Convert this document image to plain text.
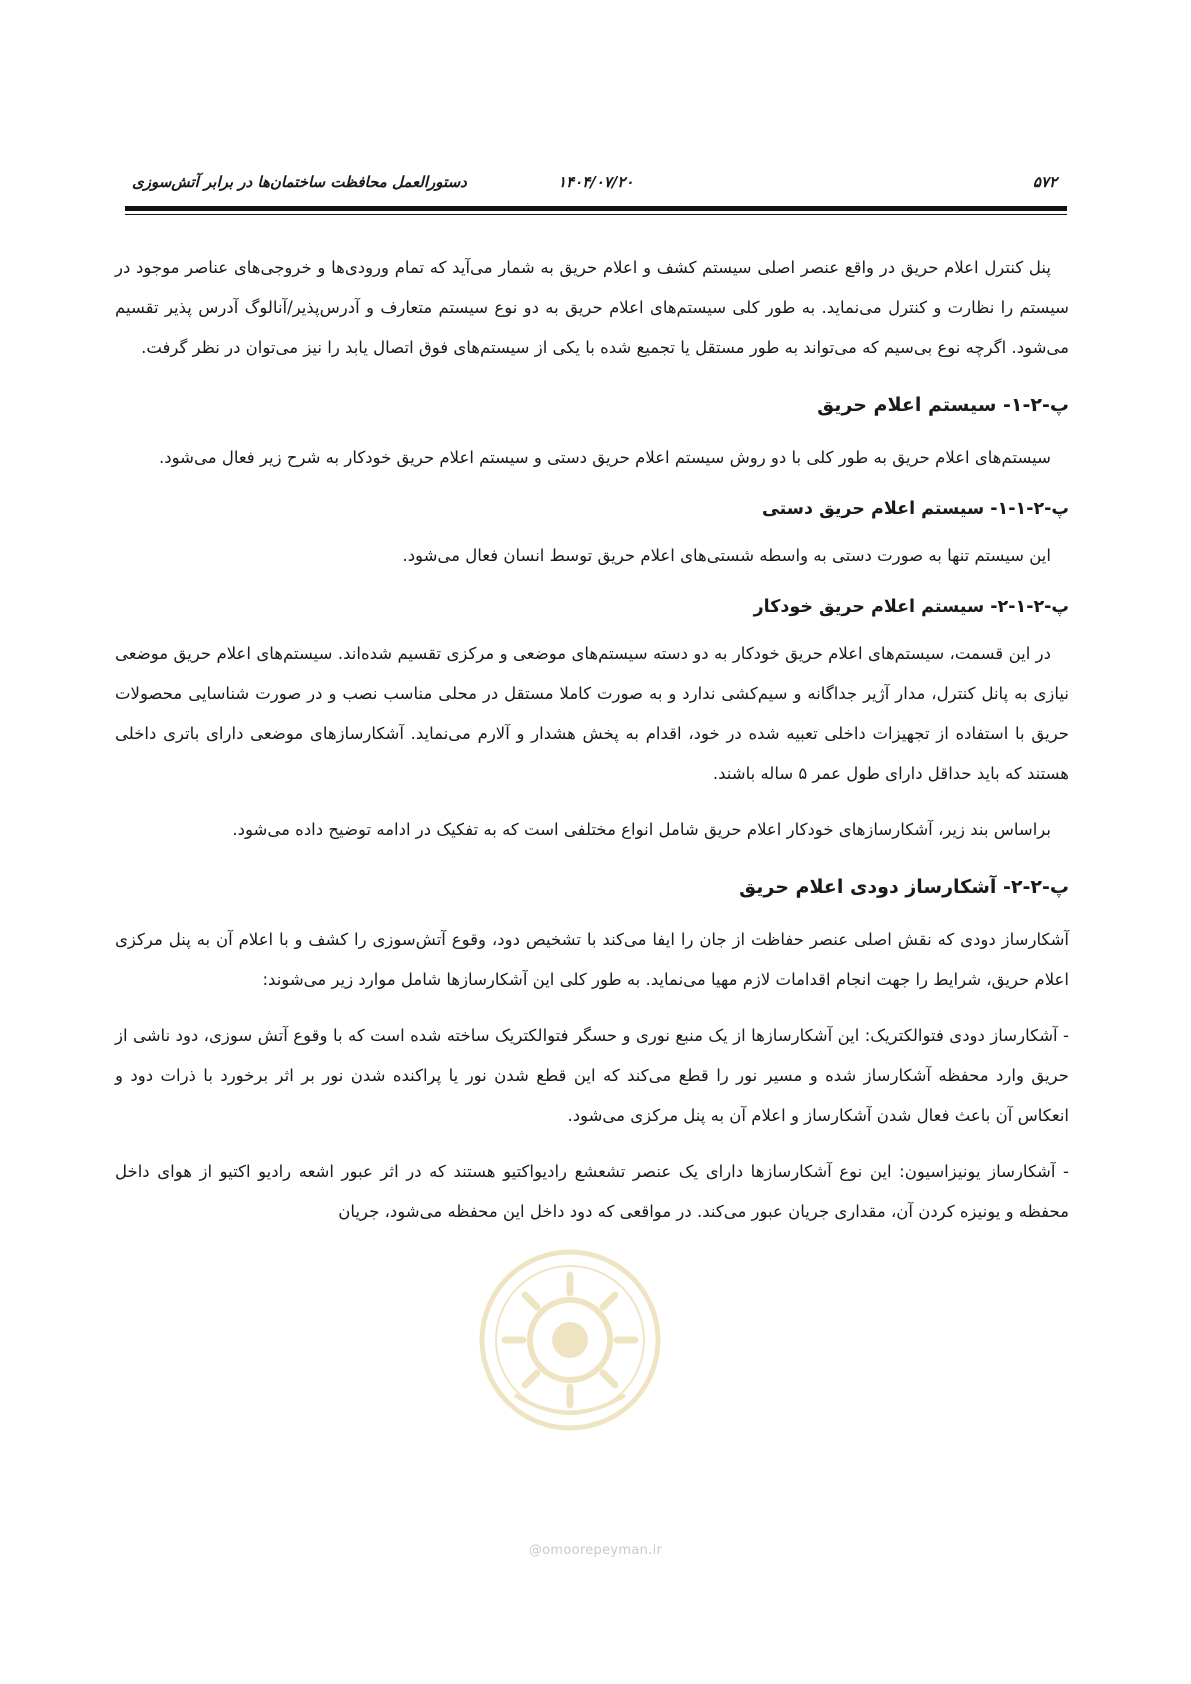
۵۷۲
۱۴۰۴/۰۷/۲۰
دستورالعمل محافظت ساختمان‌ها در برابر آتش‌سوزی

پنل کنترل اعلام حریق در واقع عنصر اصلی سیستم کشف و اعلام حریق به شمار می‌آید که تمام ورودی‌ها و خروجی‌های عناصر موجود در سیستم را نظارت و کنترل می‌نماید. به طور کلی سیستم‌های اعلام حریق به دو نوع سیستم متعارف و آدرس‌پذیر/آنالوگ آدرس پذیر تقسیم می‌شود. اگرچه نوع بی‌سیم که می‌تواند به طور مستقل یا تجمیع شده با یکی از سیستم‌های فوق اتصال یابد را نیز می‌توان در نظر گرفت.

پ-۲-۱- سیستم اعلام حریق

سیستم‌های اعلام حریق به طور کلی با دو روش سیستم اعلام حریق دستی و سیستم اعلام حریق خودکار به شرح زیر فعال می‌شود.

پ-۲-۱-۱- سیستم اعلام حریق دستی

این سیستم تنها به صورت دستی به واسطه شستی‌های اعلام حریق توسط انسان فعال می‌شود.

پ-۲-۱-۲- سیستم اعلام حریق خودکار

در این قسمت، سیستم‌های اعلام حریق خودکار به دو دسته سیستم‌های موضعی و مرکزی تقسیم شده‌اند. سیستم‌های اعلام حریق موضعی نیازی به پانل کنترل، مدار آژیر جداگانه و سیم‌کشی ندارد و به صورت کاملا مستقل در محلی مناسب نصب و در صورت شناسایی محصولات حریق با استفاده از تجهیزات داخلی تعبیه شده در خود، اقدام به پخش هشدار و آلارم می‌نماید. آشکارسازهای موضعی دارای باتری داخلی هستند که باید حداقل دارای طول عمر ۵ ساله باشند.

براساس بند زیر، آشکارسازهای خودکار اعلام حریق شامل انواع مختلفی است که به تفکیک در ادامه توضیح داده می‌شود.

پ-۲-۲- آشکارساز دودی اعلام حریق

آشکارساز دودی که نقش اصلی عنصر حفاظت از جان را ایفا می‌کند با تشخیص دود، وقوع آتش‌سوزی را کشف و با اعلام آن به پنل مرکزی اعلام حریق، شرایط را جهت انجام اقدامات لازم مهیا می‌نماید. به طور کلی این آشکارسازها شامل موارد زیر می‌شوند:

- آشکارساز دودی فتوالکتریک: این آشکارسازها از یک منبع نوری و حسگر فتوالکتریک ساخته شده است که با وقوع آتش سوزی، دود ناشی از حریق وارد محفظه آشکارساز شده و مسیر نور را قطع می‌کند که این قطع شدن نور یا پراکنده شدن نور بر اثر برخورد با ذرات دود و انعکاس آن باعث فعال شدن آشکارساز و اعلام آن به پنل مرکزی می‌شود.

- آشکارساز یونیزاسیون: این نوع آشکارسازها دارای یک عنصر تشعشع رادیواکتیو هستند که در اثر عبور اشعه رادیو اکتیو از هوای داخل محفظه و یونیزه کردن آن، مقداری جریان عبور می‌کند. در مواقعی که دود داخل این محفظه می‌شود، جریان

@omoorepeyman.ir
